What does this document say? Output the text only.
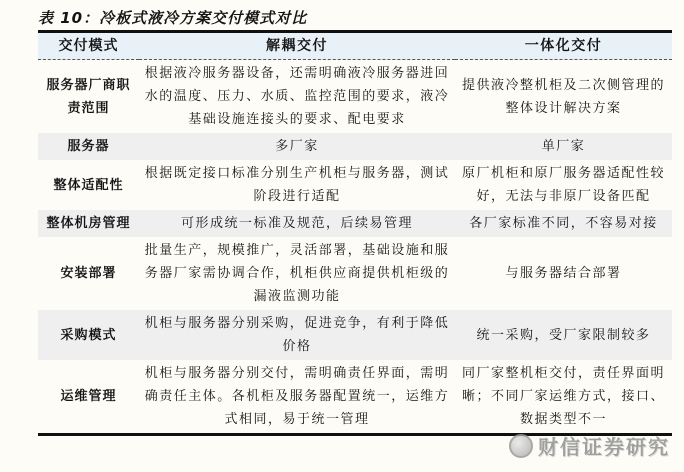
表 10：冷板式液冷方案交付模式对比
交付模式	解耦交付	一体化交付
服务器厂商职责范围	根据液冷服务器设备，还需明确液冷服务器进回水的温度、压力、水质、监控范围的要求，液冷基础设施连接头的要求、配电要求	提供液冷整机柜及二次侧管理的整体设计解决方案
服务器	多厂家	单厂家
整体适配性	根据既定接口标准分别生产机柜与服务器，测试阶段进行适配	原厂机柜和原厂服务器适配性较好，无法与非原厂设备匹配
整体机房管理	可形成统一标准及规范，后续易管理	各厂家标准不同，不容易对接
安装部署	批量生产，规模推广，灵活部署，基础设施和服务器厂家需协调合作，机柜供应商提供机柜级的漏液监测功能	与服务器结合部署
采购模式	机柜与服务器分别采购，促进竞争，有利于降低价格	统一采购，受厂家限制较多
运维管理	机柜与服务器分别交付，需明确责任界面，需明确责任主体。各机柜及服务器配置统一，运维方式相同，易于统一管理	同厂家整机柜交付，责任界面明晰；不同厂家运维方式，接口、数据类型不一
财信证券研究
